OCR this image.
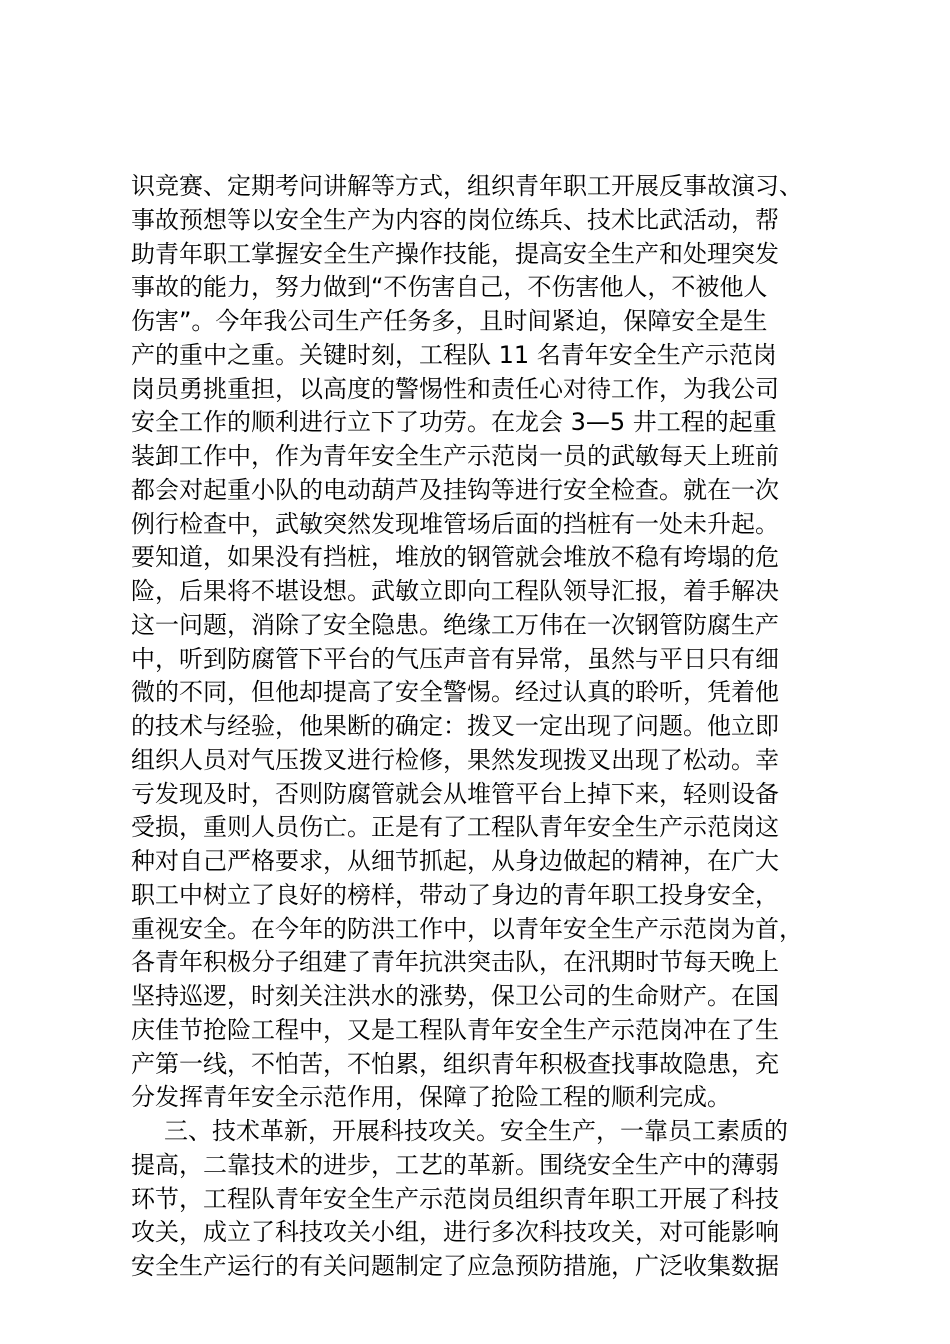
识竞赛、定期考问讲解等方式，组织青年职工开展反事故演习、
事故预想等以安全生产为内容的岗位练兵、技术比武活动，帮
助青年职工掌握安全生产操作技能，提高安全生产和处理突发
事故的能力，努力做到“不伤害自己，不伤害他人，不被他人
伤害”。今年我公司生产任务多，且时间紧迫，保障安全是生
产的重中之重。关键时刻，工程队 11 名青年安全生产示范岗
岗员勇挑重担，以高度的警惕性和责任心对待工作，为我公司
安全工作的顺利进行立下了功劳。在龙会 3—5 井工程的起重
装卸工作中，作为青年安全生产示范岗一员的武敏每天上班前
都会对起重小队的电动葫芦及挂钩等进行安全检查。就在一次
例行检查中，武敏突然发现堆管场后面的挡桩有一处未升起。
要知道，如果没有挡桩，堆放的钢管就会堆放不稳有垮塌的危
险，后果将不堪设想。武敏立即向工程队领导汇报，着手解决
这一问题，消除了安全隐患。绝缘工万伟在一次钢管防腐生产
中，听到防腐管下平台的气压声音有异常，虽然与平日只有细
微的不同，但他却提高了安全警惕。经过认真的聆听，凭着他
的技术与经验，他果断的确定：拨叉一定出现了问题。他立即
组织人员对气压拨叉进行检修，果然发现拨叉出现了松动。幸
亏发现及时，否则防腐管就会从堆管平台上掉下来，轻则设备
受损，重则人员伤亡。正是有了工程队青年安全生产示范岗这
种对自己严格要求，从细节抓起，从身边做起的精神，在广大
职工中树立了良好的榜样，带动了身边的青年职工投身安全，
重视安全。在今年的防洪工作中，以青年安全生产示范岗为首，
各青年积极分子组建了青年抗洪突击队，在汛期时节每天晚上
坚持巡逻，时刻关注洪水的涨势，保卫公司的生命财产。在国
庆佳节抢险工程中，又是工程队青年安全生产示范岗冲在了生
产第一线，不怕苦，不怕累，组织青年积极查找事故隐患，充
分发挥青年安全示范作用，保障了抢险工程的顺利完成。
三、技术革新，开展科技攻关。安全生产，一靠员工素质的
提高，二靠技术的进步，工艺的革新。围绕安全生产中的薄弱
环节，工程队青年安全生产示范岗员组织青年职工开展了科技
攻关，成立了科技攻关小组，进行多次科技攻关，对可能影响
安全生产运行的有关问题制定了应急预防措施，广泛收集数据
